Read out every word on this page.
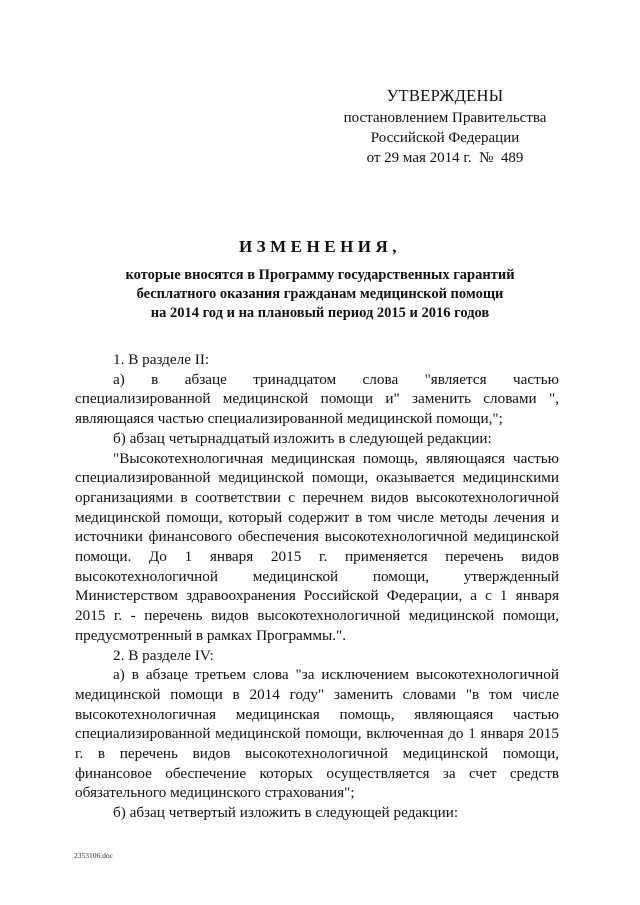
УТВЕРЖДЕНЫ
постановлением Правительства
Российской Федерации
от 29 мая 2014 г.  №  489
ИЗМЕНЕНИЯ,
которые вносятся в Программу государственных гарантий
бесплатного оказания гражданам медицинской помощи
на 2014 год и на плановый период 2015 и 2016 годов

1. В разделе II:

а) в абзаце тринадцатом слова "является частью специализированной медицинской помощи и" заменить словами ", являющаяся частью специализированной медицинской помощи,";

б) абзац четырнадцатый изложить в следующей редакции:

"Высокотехнологичная медицинская помощь, являющаяся частью специализированной медицинской помощи, оказывается медицинскими организациями в соответствии с перечнем видов высокотехнологичной медицинской помощи, который содержит в том числе методы лечения и источники финансового обеспечения высокотехнологичной медицинской помощи. До 1 января 2015 г. применяется перечень видов высокотехнологичной медицинской помощи, утвержденный Министерством здравоохранения Российской Федерации, а с 1 января 2015 г. - перечень видов высокотехнологичной медицинской помощи, предусмотренный в рамках Программы.".

2. В разделе IV:

а) в абзаце третьем слова "за исключением высокотехнологичной медицинской помощи в 2014 году" заменить словами "в том числе высокотехнологичная медицинская помощь, являющаяся частью специализированной медицинской помощи, включенная до 1 января 2015 г. в перечень видов высокотехнологичной медицинской помощи, финансовое обеспечение которых осуществляется за счет средств обязательного медицинского страхования";

б) абзац четвертый изложить в следующей редакции:

2353106.doc
